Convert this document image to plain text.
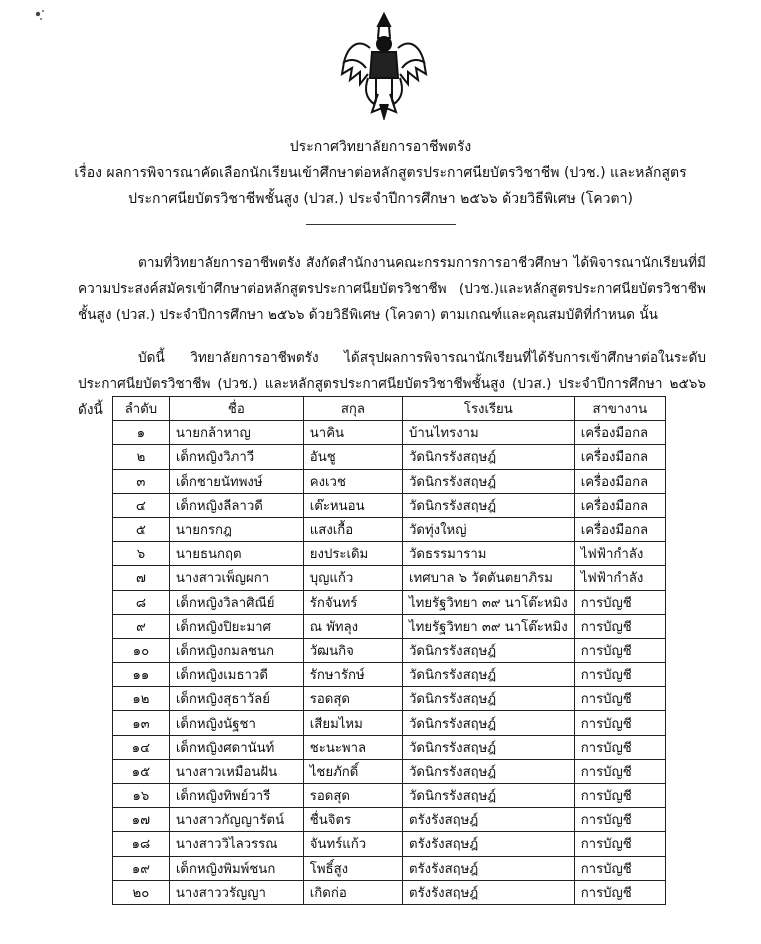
ประกาศวิทยาลัยการอาชีพตรัง
เรื่อง ผลการพิจารณาคัดเลือกนักเรียนเข้าศึกษาต่อหลักสูตรประกาศนียบัตรวิชาชีพ (ปวช.) และหลักสูตร
ประกาศนียบัตรวิชาชีพชั้นสูง (ปวส.) ประจำปีการศึกษา ๒๕๖๖ ด้วยวิธีพิเศษ (โควตา)
ตามที่วิทยาลัยการอาชีพตรัง สังกัดสำนักงานคณะกรรมการการอาชีวศึกษา ได้พิจารณานักเรียนที่มีความประสงค์สมัครเข้าศึกษาต่อหลักสูตรประกาศนียบัตรวิชาชีพ (ปวช.)และหลักสูตรประกาศนียบัตรวิชาชีพชั้นสูง (ปวส.) ประจำปีการศึกษา ๒๕๖๖ ด้วยวิธีพิเศษ (โควตา) ตามเกณฑ์และคุณสมบัติที่กำหนด นั้น
บัดนี้ วิทยาลัยการอาชีพตรัง ได้สรุปผลการพิจารณานักเรียนที่ได้รับการเข้าศึกษาต่อในระดับประกาศนียบัตรวิชาชีพ (ปวช.) และหลักสูตรประกาศนียบัตรวิชาชีพชั้นสูง (ปวส.) ประจำปีการศึกษา ๒๕๖๖ ดังนี้	ลำดับ	ชื่อ	สกุล	โรงเรียน	สาขางาน
๑	นายกล้าหาญ	นาคิน	บ้านไทรงาม	เครื่องมือกล
๒	เด็กหญิงวิภาวี	อันชู	วัดนิกรรังสฤษฎ์	เครื่องมือกล
๓	เด็กชายนัทพงษ์	คงเวช	วัดนิกรรังสฤษฎ์	เครื่องมือกล
๔	เด็กหญิงลีลาวดี	เต๊ะหนอน	วัดนิกรรังสฤษฎ์	เครื่องมือกล
๕	นายกรกฎ	แสงเกื้อ	วัดทุ่งใหญ่	เครื่องมือกล
๖	นายธนกฤต	ยงประเดิม	วัดธรรมาราม	ไฟฟ้ากำลัง
๗	นางสาวเพ็ญผกา	บุญแก้ว	เทศบาล ๖ วัดตันตยาภิรม	ไฟฟ้ากำลัง
๘	เด็กหญิงวิลาศิณีย์	รักจันทร์	ไทยรัฐวิทยา ๓๙ นาโต๊ะหมิง	การบัญชี
๙	เด็กหญิงปิยะมาศ	ณ พัทลุง	ไทยรัฐวิทยา ๓๙ นาโต๊ะหมิง	การบัญชี
๑๐	เด็กหญิงกมลชนก	วัฒนกิจ	วัดนิกรรังสฤษฎ์	การบัญชี
๑๑	เด็กหญิงเมธาวดี	รักษารักษ์	วัดนิกรรังสฤษฎ์	การบัญชี
๑๒	เด็กหญิงสุธาวัลย์	รอดสุด	วัดนิกรรังสฤษฎ์	การบัญชี
๑๓	เด็กหญิงนัฐชา	เสียมไหม	วัดนิกรรังสฤษฎ์	การบัญชี
๑๔	เด็กหญิงศดานันท์	ชะนะพาล	วัดนิกรรังสฤษฎ์	การบัญชี
๑๕	นางสาวเหมือนฝัน	ไชยภักดิ์	วัดนิกรรังสฤษฎ์	การบัญชี
๑๖	เด็กหญิงทิพย์วารี	รอดสุด	วัดนิกรรังสฤษฎ์	การบัญชี
๑๗	นางสาวกัญญารัตน์	ชื่นจิตร	ตรังรังสฤษฎ์	การบัญชี
๑๘	นางสาววิไลวรรณ	จันทร์แก้ว	ตรังรังสฤษฎ์	การบัญชี
๑๙	เด็กหญิงพิมพ์ชนก	โพธิ์สูง	ตรังรังสฤษฎ์	การบัญชี
๒๐	นางสาววรัญญา	เกิดก่อ	ตรังรังสฤษฎ์	การบัญชี
